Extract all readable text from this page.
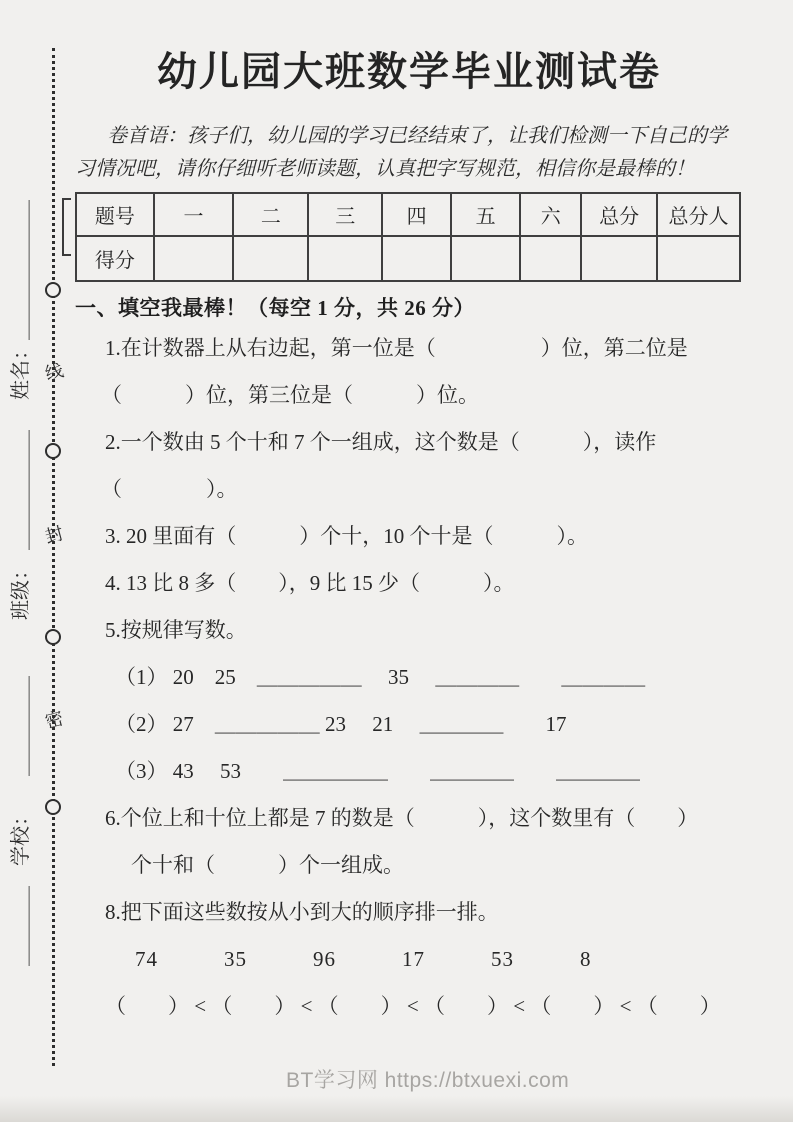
线
封
密
姓名：＿＿＿＿＿＿＿
班级：　＿＿＿＿＿＿
＿＿＿＿　学校：　　＿＿＿＿＿
幼儿园大班数学毕业测试卷
卷首语：孩子们，幼儿园的学习已经结束了，让我们检测一下自己的学
习情况吧，请你仔细听老师读题，认真把字写规范，相信你是最棒的！
题号	一	二	三	四	五	六	总分	总分人
得分								
一、填空我最棒！（每空 1 分，共 26 分）
1.在计数器上从右边起，第一位是（　　　　　）位，第二位是
（　　　）位，第三位是（　　　）位。
2.一个数由 5 个十和 7 个一组成，这个数是（　　　），读作
（　　　　）。
3. 20 里面有（　　　）个十，10 个十是（　　　）。
4. 13 比 8 多（　　），9 比 15 少（　　　）。
5.按规律写数。
（1） 20　25　＿＿＿＿＿　 35　 ＿＿＿＿　　＿＿＿＿
（2） 27　＿＿＿＿＿ 23　 21　 ＿＿＿＿　　17
（3） 43　 53　　＿＿＿＿＿　　＿＿＿＿　　＿＿＿＿
6.个位上和十位上都是 7 的数是（　　　），这个数里有（　　）
个十和（　　　）个一组成。
8.把下面这些数按从小到大的顺序排一排。
74　　　35　　　96　　　17　　　53　　　8
（　　） < （　　） < （　　） < （　　） < （　　） < （　　）
BT学习网 https://btxuexi.com
